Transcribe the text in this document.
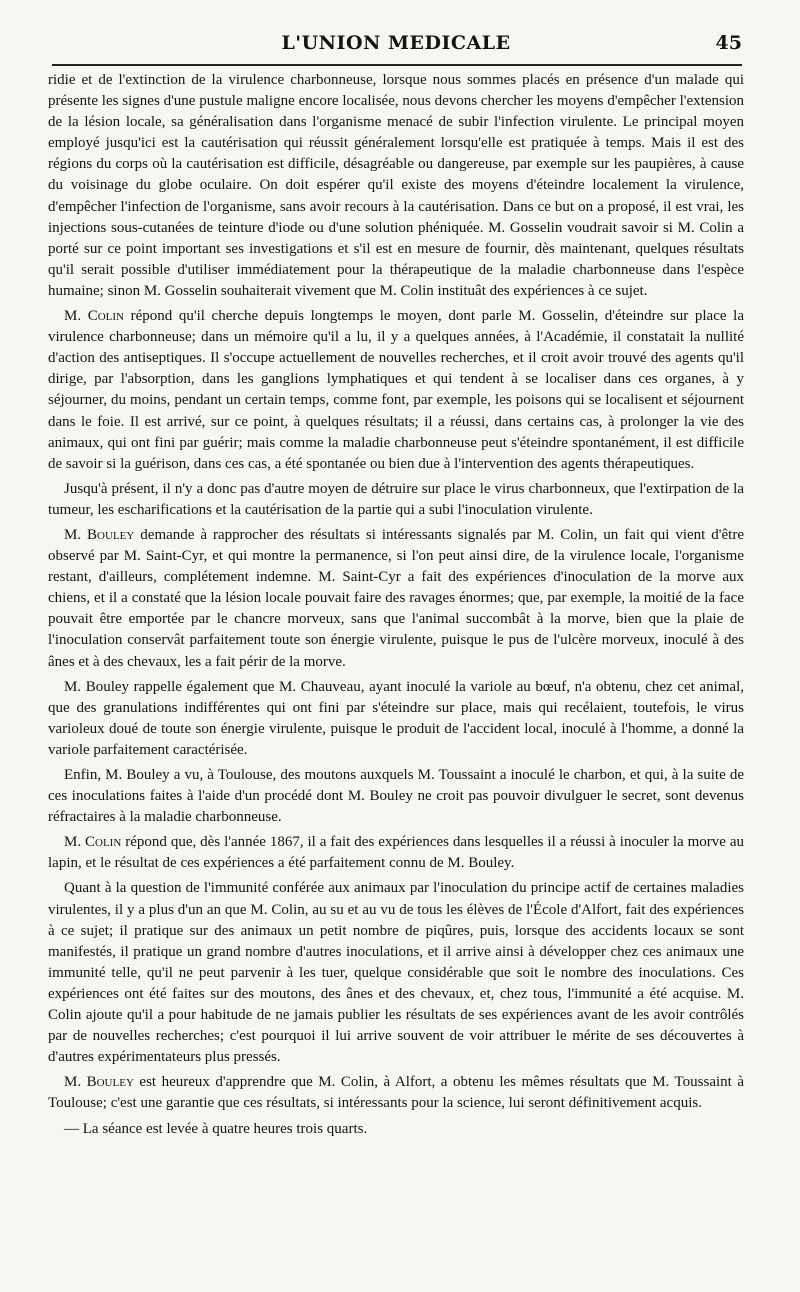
L'UNION MEDICALE	45

ridie et de l'extinction de la virulence charbonneuse, lorsque nous sommes placés en présence d'un malade qui présente les signes d'une pustule maligne encore localisée, nous devons chercher les moyens d'empêcher l'extension de la lésion locale, sa généralisation dans l'organisme menacé de subir l'infection virulente. Le principal moyen employé jusqu'ici est la cautérisation qui réussit généralement lorsqu'elle est pratiquée à temps. Mais il est des régions du corps où la cautérisation est difficile, désagréable ou dangereuse, par exemple sur les paupières, à cause du voisinage du globe oculaire. On doit espérer qu'il existe des moyens d'éteindre localement la virulence, d'empêcher l'infection de l'organisme, sans avoir recours à la cautérisation. Dans ce but on a proposé, il est vrai, les injections sous-cutanées de teinture d'iode ou d'une solution phéniquée. M. Gosselin voudrait savoir si M. Colin a porté sur ce point important ses investigations et s'il est en mesure de fournir, dès maintenant, quelques résultats qu'il serait possible d'utiliser immédiatement pour la thérapeutique de la maladie charbonneuse dans l'espèce humaine; sinon M. Gosselin souhaiterait vivement que M. Colin instituât des expériences à ce sujet.

M. Colin répond qu'il cherche depuis longtemps le moyen, dont parle M. Gosselin, d'éteindre sur place la virulence charbonneuse; dans un mémoire qu'il a lu, il y a quelques années, à l'Académie, il constatait la nullité d'action des antiseptiques. Il s'occupe actuellement de nouvelles recherches, et il croit avoir trouvé des agents qu'il dirige, par l'absorption, dans les ganglions lymphatiques et qui tendent à se localiser dans ces organes, à y séjourner, du moins, pendant un certain temps, comme font, par exemple, les poisons qui se localisent et séjournent dans le foie. Il est arrivé, sur ce point, à quelques résultats; il a réussi, dans certains cas, à prolonger la vie des animaux, qui ont fini par guérir; mais comme la maladie charbonneuse peut s'éteindre spontanément, il est difficile de savoir si la guérison, dans ces cas, a été spontanée ou bien due à l'intervention des agents thérapeutiques.

Jusqu'à présent, il n'y a donc pas d'autre moyen de détruire sur place le virus charbonneux, que l'extirpation de la tumeur, les escharifications et la cautérisation de la partie qui a subi l'inoculation virulente.

M. Bouley demande à rapprocher des résultats si intéressants signalés par M. Colin, un fait qui vient d'être observé par M. Saint-Cyr, et qui montre la permanence, si l'on peut ainsi dire, de la virulence locale, l'organisme restant, d'ailleurs, complétement indemne. M. Saint-Cyr a fait des expériences d'inoculation de la morve aux chiens, et il a constaté que la lésion locale pouvait faire des ravages énormes; que, par exemple, la moitié de la face pouvait être emportée par le chancre morveux, sans que l'animal succombât à la morve, bien que la plaie de l'inoculation conservât parfaitement toute son énergie virulente, puisque le pus de l'ulcère morveux, inoculé à des ânes et à des chevaux, les a fait périr de la morve.

M. Bouley rappelle également que M. Chauveau, ayant inoculé la variole au bœuf, n'a obtenu, chez cet animal, que des granulations indifférentes qui ont fini par s'éteindre sur place, mais qui recélaient, toutefois, le virus varioleux doué de toute son énergie virulente, puisque le produit de l'accident local, inoculé à l'homme, a donné la variole parfaitement caractérisée.

Enfin, M. Bouley a vu, à Toulouse, des moutons auxquels M. Toussaint a inoculé le charbon, et qui, à la suite de ces inoculations faites à l'aide d'un procédé dont M. Bouley ne croit pas pouvoir divulguer le secret, sont devenus réfractaires à la maladie charbonneuse.

M. Colin répond que, dès l'année 1867, il a fait des expériences dans lesquelles il a réussi à inoculer la morve au lapin, et le résultat de ces expériences a été parfaitement connu de M. Bouley.

Quant à la question de l'immunité conférée aux animaux par l'inoculation du principe actif de certaines maladies virulentes, il y a plus d'un an que M. Colin, au su et au vu de tous les élèves de l'École d'Alfort, fait des expériences à ce sujet; il pratique sur des animaux un petit nombre de piqûres, puis, lorsque des accidents locaux se sont manifestés, il pratique un grand nombre d'autres inoculations, et il arrive ainsi à développer chez ces animaux une immunité telle, qu'il ne peut parvenir à les tuer, quelque considérable que soit le nombre des inoculations. Ces expériences ont été faites sur des moutons, des ânes et des chevaux, et, chez tous, l'immunité a été acquise. M. Colin ajoute qu'il a pour habitude de ne jamais publier les résultats de ses expériences avant de les avoir contrôlés par de nouvelles recherches; c'est pourquoi il lui arrive souvent de voir attribuer le mérite de ses découvertes à d'autres expérimentateurs plus pressés.

M. Bouley est heureux d'apprendre que M. Colin, à Alfort, a obtenu les mêmes résultats que M. Toussaint à Toulouse; c'est une garantie que ces résultats, si intéressants pour la science, lui seront définitivement acquis.

— La séance est levée à quatre heures trois quarts.
